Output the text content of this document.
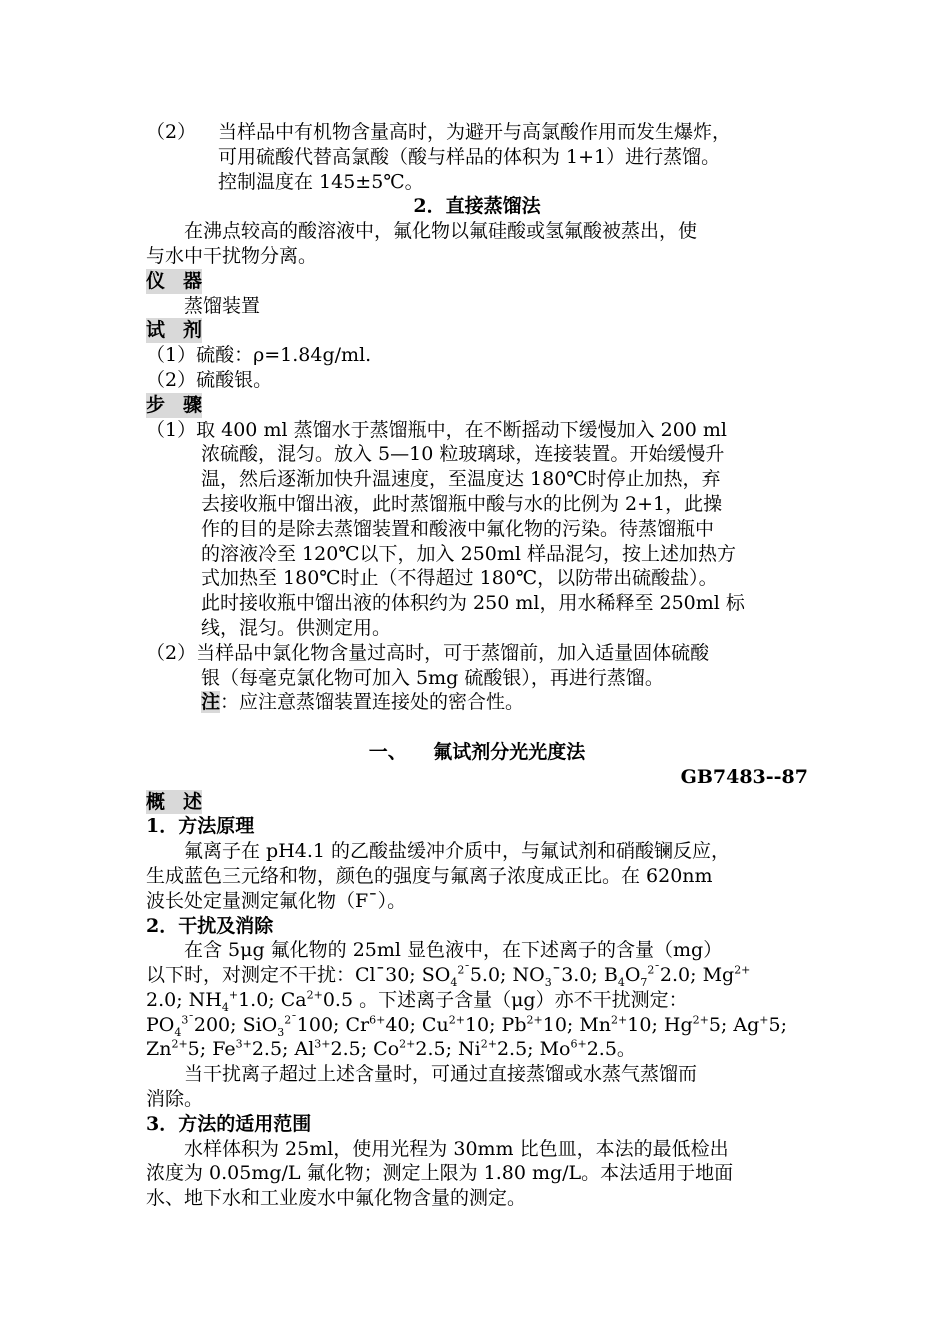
（2） 当样品中有机物含量高时，为避开与高氯酸作用而发生爆炸，
可用硫酸代替高氯酸（酸与样品的体积为 1+1）进行蒸馏。
控制温度在 145±5℃。
2．直接蒸馏法
在沸点较高的酸溶液中，氟化物以氟硅酸或氢氟酸被蒸出，使
与水中干扰物分离。
仪 器
蒸馏装置
试 剂
（1）硫酸：ρ=1.84g/ml.
（2）硫酸银。
步 骤
（1）取 400 ml 蒸馏水于蒸馏瓶中，在不断摇动下缓慢加入 200 ml
浓硫酸，混匀。放入 5—10 粒玻璃球，连接装置。开始缓慢升
温，然后逐渐加快升温速度，至温度达 180℃时停止加热，弃
去接收瓶中馏出液，此时蒸馏瓶中酸与水的比例为 2+1，此操
作的目的是除去蒸馏装置和酸液中氟化物的污染。待蒸馏瓶中
的溶液冷至 120℃以下，加入 250ml 样品混匀，按上述加热方
式加热至 180℃时止（不得超过 180℃，以防带出硫酸盐）。
此时接收瓶中馏出液的体积约为 250 ml，用水稀释至 250ml 标
线，混匀。供测定用。
（2）当样品中氯化物含量过高时，可于蒸馏前，加入适量固体硫酸
银（每毫克氯化物可加入 5mg 硫酸银），再进行蒸馏。
注：应注意蒸馏装置连接处的密合性。
一、 氟试剂分光光度法
GB7483--87
概 述
1．方法原理
氟离子在 pH4.1 的乙酸盐缓冲介质中，与氟试剂和硝酸镧反应，
生成蓝色三元络和物，颜色的强度与氟离子浓度成正比。在 620nm
波长处定量测定氟化物（F¯）。
2．干扰及消除
在含 5μg 氟化物的 25ml 显色液中，在下述离子的含量（mg）
以下时，对测定不干扰：Cl¯30; $SO_4^{2¯}5.0$; $NO_3¯3.0$; $B_4O_7^{2¯}2.0$; $Mg^{2+}$
2.0; $NH_4^+1.0$; $Ca^{2+}0.5$ 。下述离子含量（μg）亦不干扰测定：
$PO_4^{3¯}200$; SiO$_3^{2¯}$100; $Cr^{6+}40$; $Cu^{2+}10$; $Pb^{2+}10$; $Mn^{2+}10$; $Hg^{2+}5$; Ag+5;
$Zn^{2+}5$; $Fe^{3+}2.5$; $Al^{3+}2.5$; $Co^{2+}2.5$; $Ni^{2+}2.5$; $Mo^{6+}2.5$。
当干扰离子超过上述含量时，可通过直接蒸馏或水蒸气蒸馏而
消除。
3．方法的适用范围
水样体积为 25ml，使用光程为 30mm 比色皿，本法的最低检出
浓度为 0.05mg/L 氟化物；测定上限为 1.80 mg/L。本法适用于地面
水、地下水和工业废水中氟化物含量的测定。
